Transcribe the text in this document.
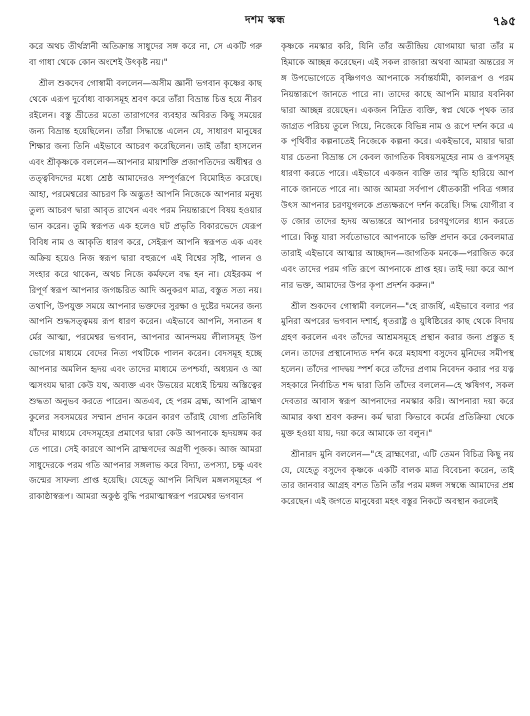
দশম স্কন্ধ	৭৯৫

করে অথচ তীর্থস্নানী অতিক্রান্ত সাধুদের সঙ্গ করে না, সে একটি গরু বা গাধা থেকে কোন অংশেই উৎকৃষ্ট নয়।"

শ্রীল শুকদেব গোস্বামী বললেন—অসীম জ্ঞানী ভগবান কৃষ্ণের কাছ থেকে এরূপ দুর্বোধ্য বাক্যসমূহ শ্রবণ করে তাঁরা বিভ্রান্ত চিত্ত হয়ে নীরব রইলেন। বস্তু ভ্রীতের মতো তারাগণের ব্যবহার অবিরত কিছু সময়ের জন্য বিভ্রান্ত হয়েছিলেন। তাঁরা সিদ্ধান্তে এলেন যে, সাধারণ মানুষের শিক্ষার জন্য তিনি এইভাবে আচরণ করেছিলেন। তাই তাঁরা হাসলেন এবং শ্রীকৃষ্ণকে বললেন—আপনার মায়াশক্তি প্রজাপতিদের অধীশ্বর ও তত্ত্ববিদদের মধ্যে শ্রেষ্ঠ আমাদেরও সম্পূর্ণরূপে বিমোহিত করেছে। আহা, পরমেশ্বরের আচরণ কি অদ্ভুত! আপনি নিজেকে আপনার মনুষ্যতুল্য আচরণ দ্বারা আবৃত রাখেন এবং পরম নিয়ন্তারূপে বিষয় হওয়ার ভান করেন। তুমি স্বরূপত এক হলেও ঘট প্রভৃতি বিকারভেদে যেরূপ বিবিধ নাম ও আকৃতি ধারণ করে, সেইরূপ আপনি স্বরূপত এক এবং অক্রিয় হয়েও নিজ স্বরূপ দ্বারা বহুরূপে এই বিশ্বের সৃষ্টি, পালন ও সংহার করে থাকেন, অথচ নিজে কর্মফলে বদ্ধ হন না। যেইরকম পরিপূর্ণ স্বরূপ আপনার জগচ্চরিত আদি অনুকরণ মাত্র, বস্তুত সত্য নয়। তথাপি, উপযুক্ত সময়ে আপনার ভক্তদের সুরক্ষা ও দুষ্টের দমনের জন্য আপনি শুদ্ধসত্ত্বময় রূপ ধারণ করেন। এইভাবে আপনি, সনাতন ধর্মের আত্মা, পরমেশ্বর ভগবান, আপনার আনন্দময় লীলাসমূহ উপভোগের মাধ্যমে বেদের নিত্য পথটিকে পালন করেন। বেদসমূহ হচ্ছে আপনার অমলিন হৃদয় এবং তাদের মাধ্যমে তপশ্চর্যা, অধ্যয়ন ও আত্মসংযম দ্বারা কেউ যথ, অব্যক্ত এবং উভয়ের মধ্যেই চিন্ময় অস্তিত্বের শুদ্ধতা অনুভব করতে পারেন। অতএব, হে পরম ব্রহ্ম, আপনি ব্রাহ্মণকুলের সবসময়ের সম্মান প্রদান করেন কারণ তাঁরাই যোগ্য প্রতিনিধি যাঁদের মাধ্যমে বেদসমূহের প্রমাণের দ্বারা কেউ আপনাকে হৃদয়ঙ্গম করতে পারে। সেই কারণে আপনি ব্রাহ্মণদের অগ্রণী পূজক। আজ আমরা সাধুদেরকে পরম গতি আপনার সঙ্গলাভ করে বিদ্যা, তপস্যা, চক্ষু এবং জন্মের সাফল্য প্রাপ্ত হয়েছি। যেহেতু আপনি নিখিল মঙ্গলসমূহের পরাকাষ্ঠাস্বরূপ। আমরা অকুণ্ঠ বুদ্ধি পরমাত্মাস্বরূপ পরমেশ্বর ভগবান

কৃষ্ণকে নমস্কার করি, যিনি তাঁর অতীন্দ্রিয় যোগমায়া দ্বারা তাঁর মহিমাকে আচ্ছন্ন করেছেন। এই সকল রাজারা অথবা আমরা অন্তরের সঙ্গ উপভোগেতে বৃষ্ণিগণও আপনাকে সর্বান্তর্যামী, কালরূপ ও পরম নিয়ন্তারূপে জানতে পারে না। তাদের কাছে আপনি মায়ার যবনিকা দ্বারা আচ্ছন্ন রয়েছেন। একজন নিদ্রিত ব্যক্তি, স্বপ্ন থেকে পৃথক তার জাগ্রত পরিচয় তুলে গিয়ে, নিজেকে বিভিন্ন নাম ও রূপে দর্শন করে এক পৃথিবীর কল্পনাতেই নিজেকে কল্পনা করে। একইভাবে, মায়ার দ্বারা যার চেতনা বিভ্রান্ত সে কেবল জাগতিক বিষয়সমূহের নাম ও রূপসমূহ ধারণা করতে পারে। এইভাবে একজন ব্যক্তি তার স্মৃতি হারিয়ে আপনাকে জানতে পারে না। আজ আমরা সর্বপাপ ধৌতকারী পবিত্র গঙ্গার উৎস আপনার চরণযুগলকে প্রত্যক্ষরূপে দর্শন করেছি। সিদ্ধ যোগীরা বড় জোর তাদের হৃদয় অভ্যন্তরে আপনার চরণযুগলের ধ্যান করতে পারে। কিন্তু যারা সর্বতোভাবে আপনাকে ভক্তি প্রদান করে কেবলমাত্র তারাই এইভাবে আত্মার আচ্ছাদন—জাগতিক মনকে—পরাজিত করে এবং তাদের পরম গতি রূপে আপনাকে প্রাপ্ত হয়। তাই দয়া করে আপনার ভক্ত, আমাদের উপর কৃপা প্রদর্শন করুন।"

শ্রীল শুকদেব গোস্বামী বললেন—"হে রাজর্ষি, এইভাবে বলার পর মুনিরা অপরের ভগবান দশার্হ, ধৃতরাষ্ট্র ও যুধিষ্ঠিরের কাছ থেকে বিদায় গ্রহণ করলেন এবং তাঁদের আশ্রমসমূহে প্রস্থান করার জন্য প্রস্তুত হলেন। তাদের প্রস্থানোদ্যত দর্শন করে মহাযশা বসুদেব মুনিদের সমীপস্থ হলেন। তাঁদের পাদদ্বয় স্পর্শ করে তাঁদের প্রণাম নিবেদন করার পর যত্নসহকারে নির্বাচিত শব্দ দ্বারা তিনি তাঁদের বললেন—হে ঋষিগণ, সকল দেবতার আবাস স্বরূপ আপনাদের নমস্কার করি। আপনারা দয়া করে আমার কথা শ্রবণ করুন। কর্ম দ্বারা কিভাবে কর্মের প্রতিক্রিয়া থেকে মুক্ত হওয়া যায়, দয়া করে আমাকে তা বলুন।"

শ্রীনারদ মুনি বললেন—"হে ব্রাহ্মণেরা, এটি তেমন বিচিত্র কিছু নয় যে, যেহেতু বসুদেব কৃষ্ণকে একটি বালক মাত্র বিবেচনা করেন, তাই তার জানবার আগ্রহ বশত তিনি তাঁর পরম মঙ্গল সম্বন্ধে আমাদের প্রশ্ন করেছেন। এই জগতে মানুষেরা মহৎ বস্তুর নিকটে অবস্থান করলেই
